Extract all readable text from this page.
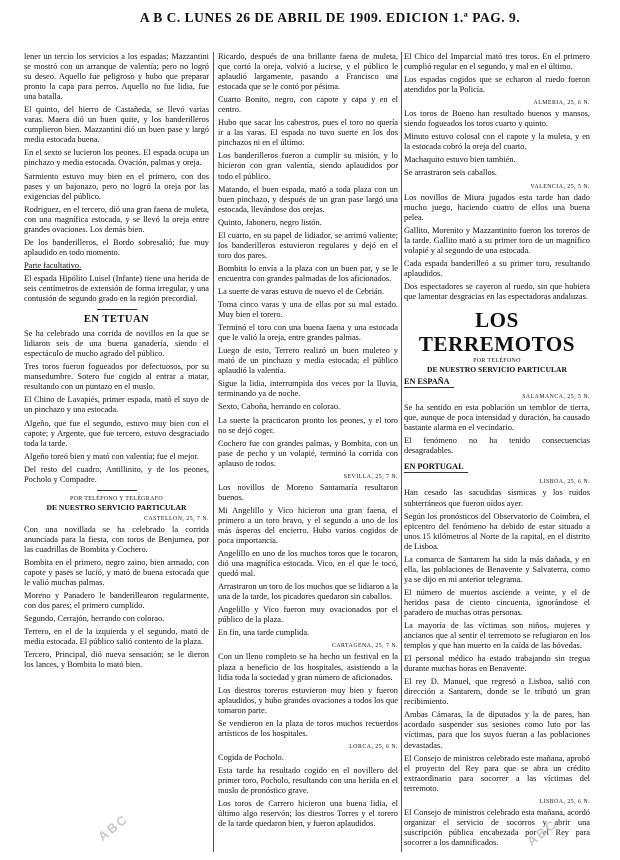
A B C. LUNES 26 DE ABRIL DE 1909. EDICION 1.ª PAG. 9.

lener un tercio los servicios a los espadas; Mazzantini se mostró con un arranque de valentía; pero no logró su deseo. Aquello fue peligroso y hubo que preparar pronto la capa para perros. Aquello no fue lidia, fue una batalla.

El quinto, del hierro de Castañeda, se llevó varias varas. Maera dió un buen quite, y los banderilleros cumplieron bien. Mazzantini dió un buen pase y largó media estocada buena.

En el sexto se lucieron los peones. El espada ocupa un pinchazo y media estocada. Ovación, palmas y oreja.

Sarmiento estuvo muy bien en el primero, con dos pases y un bajonazo, pero no logró la oreja por las exigencias del público.

Rodriguez, en el tercero, dió una gran faena de muleta, con una magnífica estocada, y se llevó la oreja entre grandes ovaciones. Los demás bien.

De los banderilleros, el Bordo sobresalió; fue muy aplaudido en todo momento.

Parte facultativo.

El espada Hipólito Luisel (Infante) tiene una herida de seis centímetros de extensión de forma irregular, y una contusión de segundo grado en la región precordial.

EN TETUAN

Se ha celebrado una corrida de novillos en la que se lidiaron seis de una buena ganadería, siendo el espectáculo de mucho agrado del público.

Tres toros fueron fogueados por defectuosos, por su mansedumbre. Sotero fue cogido al entrar a matar, resultando con un puntazo en el muslo.

El Chino de Lavapiés, primer espada, mató el suyo de un pinchazo y una estocada.

Algeño, que fue el segundo, estuvo muy bien con el capote; y Argente, que fue tercero, estuvo desgraciado toda la tarde.

Algeño toreó bien y mató con valentía; fue el mejor.

Del resto del cuadro, Antillinito, y de los peones, Pocholo y Compadre.

POR TELÉFONO Y TELÉGRAFO
DE NUESTRO SERVICIO PARTICULAR
CASTELLON, 25, 7 N.

Con una novillada se ha celebrado la corrida anunciada para la fiesta, con toros de Benjumea, por las cuadrillas de Bombita y Cochero.

Bombita en el primero, negro zaino, bien armado, con capote y pases se lució, y mató de buena estocada que le valió muchas palmas.

Moreno y Panadero le banderillearon regularmente, con dos pares; el primero cumplido.

Segundo, Cerrajón, herrando con colorao.

Terrero, en el de la izquierda y el segundo, mató de media estocada. El público salió contento de la plaza.

Tercero, Principal, dió nueva sensación; se le dieron los lances, y Bombita lo mató bien.

Ricardo, después de una brillante faena de muleta, que cortó la oreja, volvió a lucirse, y el público le aplaudió largamente, pasando a Francisco una estocada que se le contó por pésima.

Cuarto Bonito, negro, con capote y capa y en el centro.

Hubo que sacar los cabestros, pues el toro no quería ir a las varas. El espada no tuvo suerte en los dos pinchazos ni en el último.

Los banderilleros fueron a cumplir su misión, y lo hicieron con gran valentía, siendo aplaudidos por todo el público.

Matando, el buen espada, mató a toda plaza con un buen pinchazo, y después de un gran pase largó una estocada, llevándose dos orejas.

Quinto, Jabonero, negro listón.

El cuarto, en su papel de lidiador, se arrimó valiente; los banderilleros estuvieron regulares y dejó en el toro dos pares.

Bombita lo envía a la plaza con un buen par, y se le encuentra con grandes palmadas de los aficionados.

La suerte de varas estuvo de nuevo el de Cebrián.

Toma cinco varas y una de ellas por su mal estado. Muy bien el torero.

Terminó el toro con una buena faena y una estocada que le valió la oreja, entre grandes palmas.

Luego de esto, Terrero realizó un buen muleteo y mató de un pinchazo y media estocada; el público aplaudió la valentía.

Sigue la lidia, interrumpida dos veces por la lluvia, terminando ya de noche.

Sexto, Caboña, herrando en colorao.

La suerte la practicaron pronto los peones, y el toro no se dejó coger.

Cochero fue con grandes palmas, y Bombita, con un pase de pecho y un volapié, terminó la corrida con aplauso de todos.

SEVILLA, 25, 7 N.

Los novillos de Moreno Santamaría resultaron buenos.

Mi Angelillo y Vico hicieron una gran faena, el primero a un toro bravo, y el segundo a uno de los más ásperos del encierro. Hubo varios cogidos de poca importancia.

Angelillo en uno de los muchos toros que le tocaron, dió una magnífica estocada. Vico, en el que le tocó, quedó mal.

Arrastraron un toro de los muchos que se lidiaron a la una de la tarde, los picadores quedaron sin caballos.

Angelillo y Vico fueron muy ovacionados por el público de la plaza.

En fin, una tarde cumplida.

CARTAGENA, 25, 7 N.

Con un lleno completo se ha hecho un festival en la plaza a beneficio de los hospitales, asistiendo a la lidia toda la sociedad y gran número de aficionados.

Los diestros toreros estuvieron muy bien y fueron aplaudidos, y hubo grandes ovaciones a todos los que tomaron parte.

Se vendieron en la plaza de toros muchos recuerdos artísticos de los hospitales.

LORCA, 25, 6 N.

Cogida de Pocholo.

Esta tarde ha resultado cogido en el novillero del primer toro, Pocholo, resultando con una herida en el muslo de pronóstico grave.

Los toros de Carrero hicieron una buena lidia, el último algo reservón; los diestros Torres y el torero de la tarde quedaron bien, y fueron aplaudidos.

El Chico del Imparcial mató tres toros. En el primero cumplió regular en el segundo, y mal en el último.

Los espadas cogidos que se echaron al ruedo fueron atendidos por la Policía.

ALMERIA, 25, 6 N.

Los toros de Bueno han resultado buenos y mansos, siendo fogueados los toros cuarto y quinto.

Minuto estuvo colosal con el capote y la muleta, y en la estocada cobró la oreja del cuarto.

Machaquito estuvo bien también.

Se arrastraron seis caballos.

VALENCIA, 25, 5 N.

Los novillos de Miura jugados esta tarde han dado mucho juego, haciendo cuatro de ellos una buena pelea.

Gallito, Morenito y Mazzantinito fueron los toreros de la tarde. Gallito mató a su primer toro de un magnífico volapié y al segundo de una estocada.

Cada espada banderilleó a su primer toro, resultando aplaudidos.

Dos espectadores se cayeron al ruedo, sin que hubiera que lamentar desgracias en las espectadoras andaluzas.

LOS TERREMOTOS
POR TELÉFONO
DE NUESTRO SERVICIO PARTICULAR
EN ESPAÑA
SALAMANCA, 25, 5 N.

Se ha sentido en esta población un temblor de tierra, que, aunque de poca intensidad y duración, ha causado bastante alarma en el vecindario.

El fenómeno no ha tenido consecuencias desagradables.

EN PORTUGAL
LISBOA, 25, 6 N.

Han cesado las sacudidas sísmicas y los ruidos subterráneos que fueron oídos ayer.

Según los pronósticos del Observatorio de Coimbra, el epicentro del fenómeno ha debido de estar situado a unos 15 kilómetros al Norte de la capital, en el distrito de Lisboa.

La comarca de Santarem ha sido la más dañada, y en ella, las poblaciones de Benavente y Salvaterra, como ya se dijo en mi anterior telegrama.

El número de muertos asciende a veinte, y el de heridos pasa de ciento cincuenta, ignorándose el paradero de muchas otras personas.

La mayoría de las víctimas son niños, mujeres y ancianos que al sentir el terremoto se refugiaron en los templos y que han muerto en la caída de las bóvedas.

El personal médico ha estado trabajando sin tregua durante muchas horas en Benavente.

El rey D. Manuel, que regresó a Lisboa, salió con dirección a Santarem, donde se le tributó un gran recibimiento.

Ambas Cámaras, la de diputados y la de pares, han acordado suspender sus sesiones como luto por las víctimas, para que los suyos fueran a las poblaciones devastadas.

El Consejo de ministros celebrado este mañana, aprobó el proyecto del Rey para que se abra un crédito extraordinario para socorrer a las víctimas del terremoto.

LISBOA, 25, 6 N.

El Consejo de ministros celebrado esta mañana, acordó organizar el servicio de socorros y abrir una suscripción pública encabezada por el Rey para socorrer a los damnificados.

ABC	ABC
